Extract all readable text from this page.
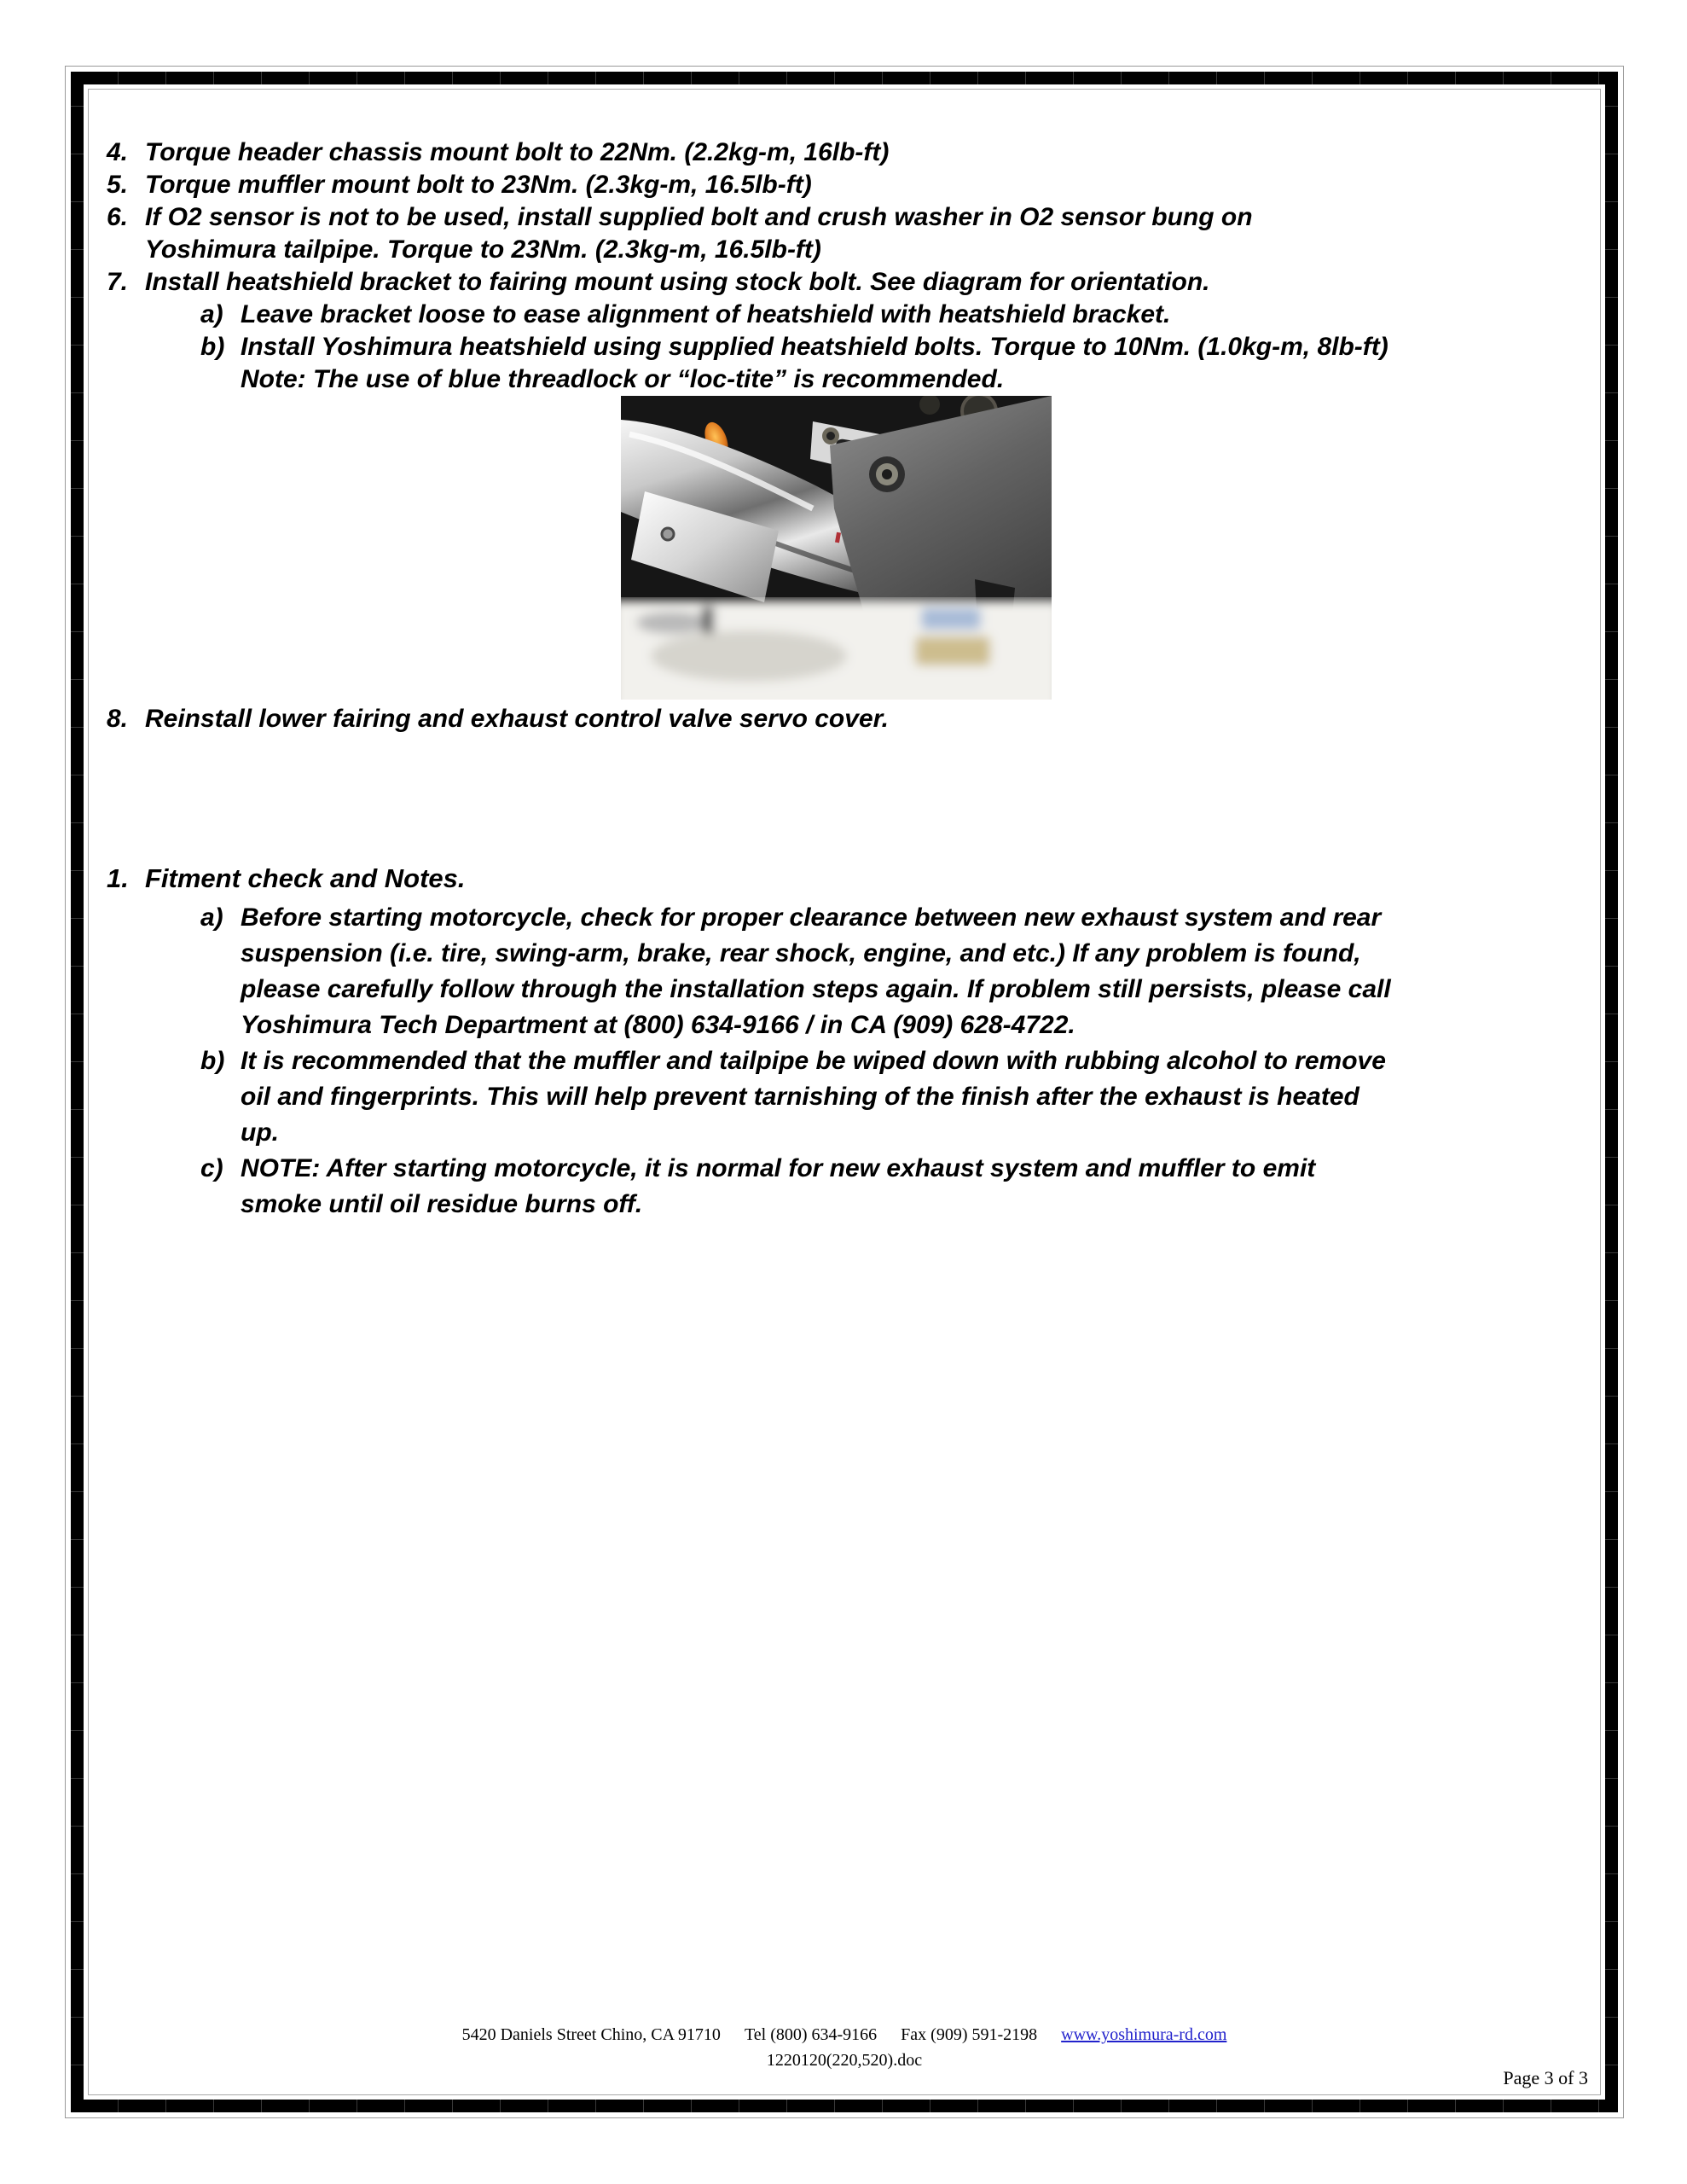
4. Torque header chassis mount bolt to 22Nm. (2.2kg-m, 16lb-ft)
5. Torque muffler mount bolt to 23Nm. (2.3kg-m, 16.5lb-ft)
6. If O2 sensor is not to be used, install supplied bolt and crush washer in O2 sensor bung on
Yoshimura tailpipe. Torque to 23Nm. (2.3kg-m, 16.5lb-ft)
7. Install heatshield bracket to fairing mount using stock bolt. See diagram for orientation.
a) Leave bracket loose to ease alignment of heatshield with heatshield bracket.
b) Install Yoshimura heatshield using supplied heatshield bolts. Torque to 10Nm. (1.0kg-m, 8lb-ft)
Note: The use of blue threadlock or “loc-tite” is recommended.
8. Reinstall lower fairing and exhaust control valve servo cover.
1. Fitment check and Notes.
a) Before starting motorcycle, check for proper clearance between new exhaust system and rear
suspension (i.e. tire, swing-arm, brake, rear shock, engine, and etc.) If any problem is found,
please carefully follow through the installation steps again. If problem still persists, please call
Yoshimura Tech Department at (800) 634-9166 / in CA (909) 628-4722.
b) It is recommended that the muffler and tailpipe be wiped down with rubbing alcohol to remove
oil and fingerprints. This will help prevent tarnishing of the finish after the exhaust is heated
up.
c) NOTE: After starting motorcycle, it is normal for new exhaust system and muffler to emit
smoke until oil residue burns off.
5420 Daniels Street Chino, CA 91710 Tel (800) 634-9166 Fax (909) 591-2198 www.yoshimura-rd.com
1220120(220,520).doc
Page 3 of 3
